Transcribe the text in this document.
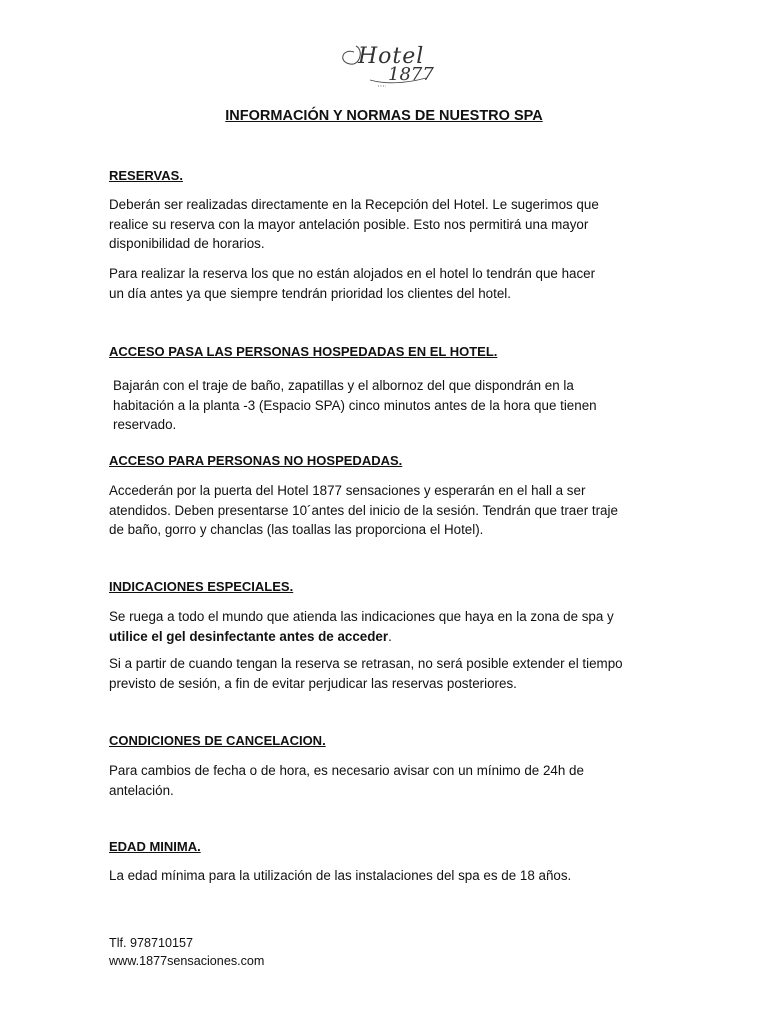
Hotel
1877
INFORMACIÓN Y NORMAS DE NUESTRO SPA
RESERVAS.
Deberán ser realizadas directamente en la Recepción del Hotel. Le sugerimos que
realice su reserva con la mayor antelación posible. Esto nos permitirá una mayor
disponibilidad de horarios.
Para realizar la reserva los que no están alojados en el hotel lo tendrán que hacer
un día antes ya que siempre tendrán prioridad los clientes del hotel.
ACCESO PASA LAS PERSONAS HOSPEDADAS EN EL HOTEL.
Bajarán con el traje de baño, zapatillas y el albornoz del que dispondrán en la
habitación a la planta -3 (Espacio SPA) cinco minutos antes de la hora que tienen
reservado.
ACCESO PARA PERSONAS NO HOSPEDADAS.
Accederán por la puerta del Hotel 1877 sensaciones y esperarán en el hall a ser
atendidos. Deben presentarse 10´antes del inicio de la sesión. Tendrán que traer traje
de baño, gorro y chanclas (las toallas las proporciona el Hotel).
INDICACIONES ESPECIALES.
Se ruega a todo el mundo que atienda las indicaciones que haya en la zona de spa y
utilice el gel desinfectante antes de acceder.
Si a partir de cuando tengan la reserva se retrasan, no será posible extender el tiempo
previsto de sesión, a fin de evitar perjudicar las reservas posteriores.
CONDICIONES DE CANCELACION.
Para cambios de fecha o de hora, es necesario avisar con un mínimo de 24h de
antelación.
EDAD MINIMA.
La edad mínima para la utilización de las instalaciones del spa es de 18 años.
Tlf. 978710157
www.1877sensaciones.com
